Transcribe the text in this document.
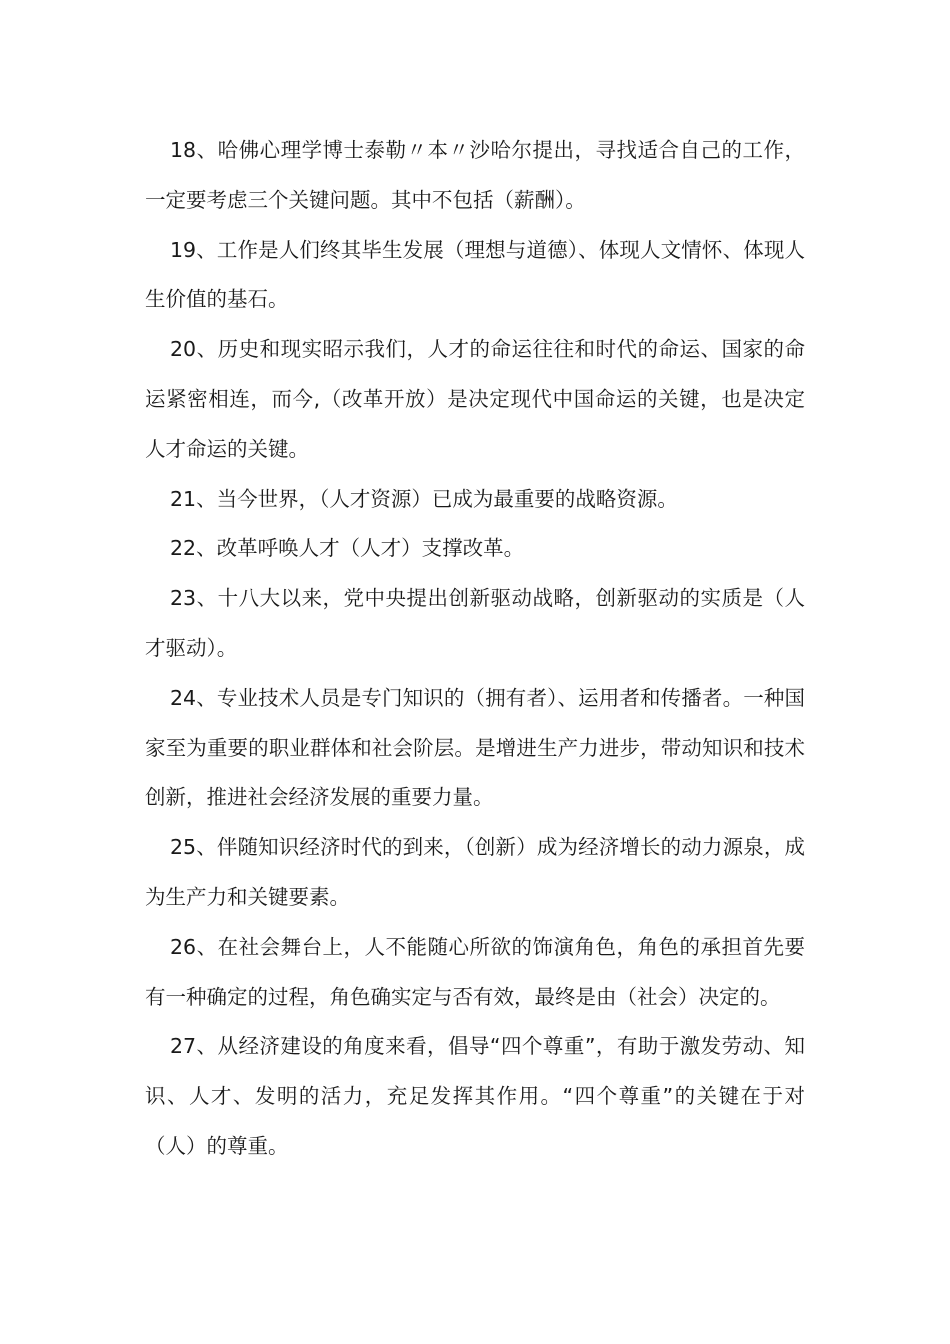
18、哈佛心理学博士泰勒〃本〃沙哈尔提出，寻找适合自己的工作，一定要考虑三个关键问题。其中不包括（薪酬）。

19、工作是人们终其毕生发展（理想与道德）、体现人文情怀、体现人生价值的基石。

20、历史和现实昭示我们，人才的命运往往和时代的命运、国家的命运紧密相连，而今,（改革开放）是决定现代中国命运的关键，也是决定人才命运的关键。

21、当今世界，（人才资源）已成为最重要的战略资源。

22、改革呼唤人才（人才）支撑改革。

23、十八大以来，党中央提出创新驱动战略，创新驱动的实质是（人才驱动）。

24、专业技术人员是专门知识的（拥有者）、运用者和传播者。一种国家至为重要的职业群体和社会阶层。是增进生产力进步，带动知识和技术创新，推进社会经济发展的重要力量。

25、伴随知识经济时代的到来，（创新）成为经济增长的动力源泉，成为生产力和关键要素。

26、在社会舞台上，人不能随心所欲的饰演角色，角色的承担首先要有一种确定的过程，角色确实定与否有效，最终是由（社会）决定的。

27、从经济建设的角度来看，倡导“四个尊重”，有助于激发劳动、知识、人才、发明的活力，充足发挥其作用。“四个尊重”的关键在于对（人）的尊重。
